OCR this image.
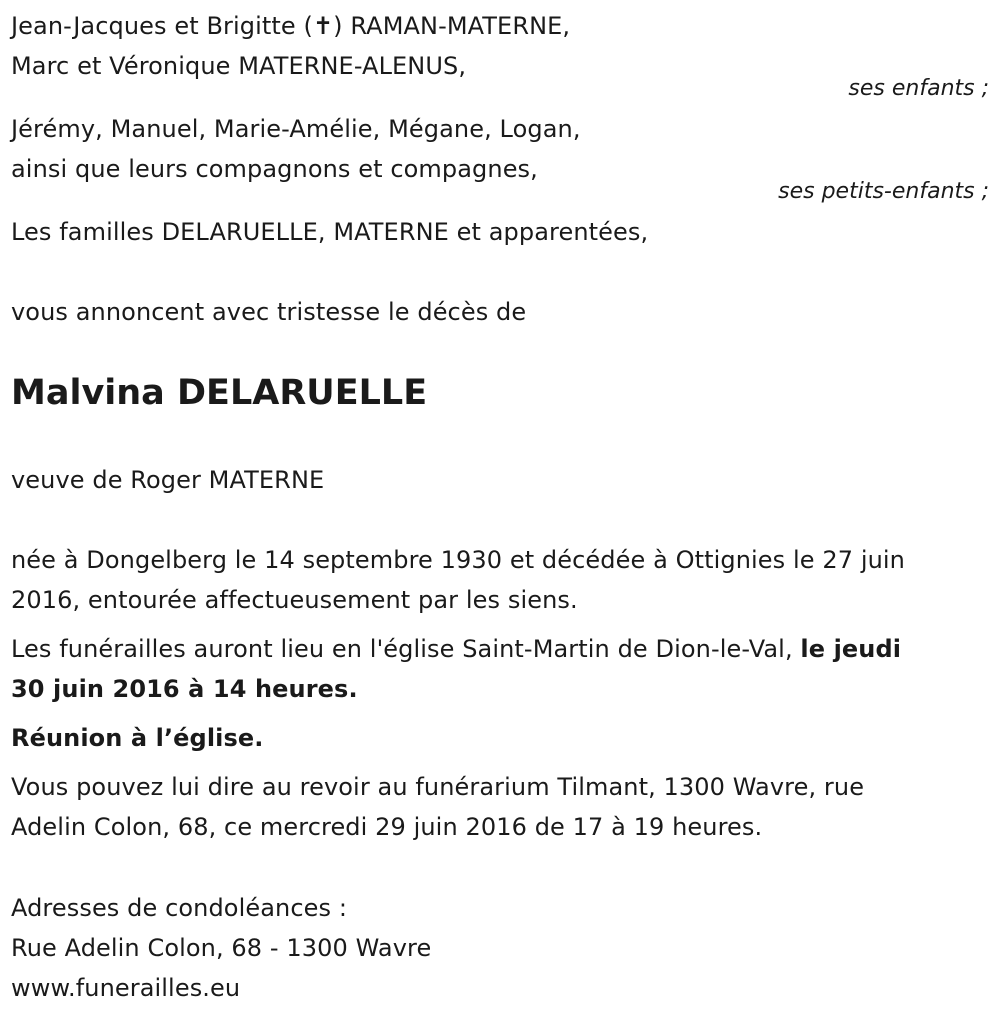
Jean-Jacques et Brigitte (✝) RAMAN-MATERNE,
Marc et Véronique MATERNE-ALENUS,
ses enfants ;
Jérémy, Manuel, Marie-Amélie, Mégane, Logan,
ainsi que leurs compagnons et compagnes,
ses petits-enfants ;
Les familles DELARUELLE, MATERNE et apparentées,
vous annoncent avec tristesse le décès de
Malvina DELARUELLE
veuve de Roger MATERNE
née à Dongelberg le 14 septembre 1930 et décédée à Ottignies le 27 juin
2016, entourée affectueusement par les siens.
Les funérailles auront lieu en l'église Saint-Martin de Dion-le-Val, le jeudi
30 juin 2016 à 14 heures.
Réunion à l’église.
Vous pouvez lui dire au revoir au funérarium Tilmant, 1300 Wavre, rue
Adelin Colon, 68, ce mercredi 29 juin 2016 de 17 à 19 heures.
Adresses de condoléances :
Rue Adelin Colon, 68 - 1300 Wavre
www.funerailles.eu
